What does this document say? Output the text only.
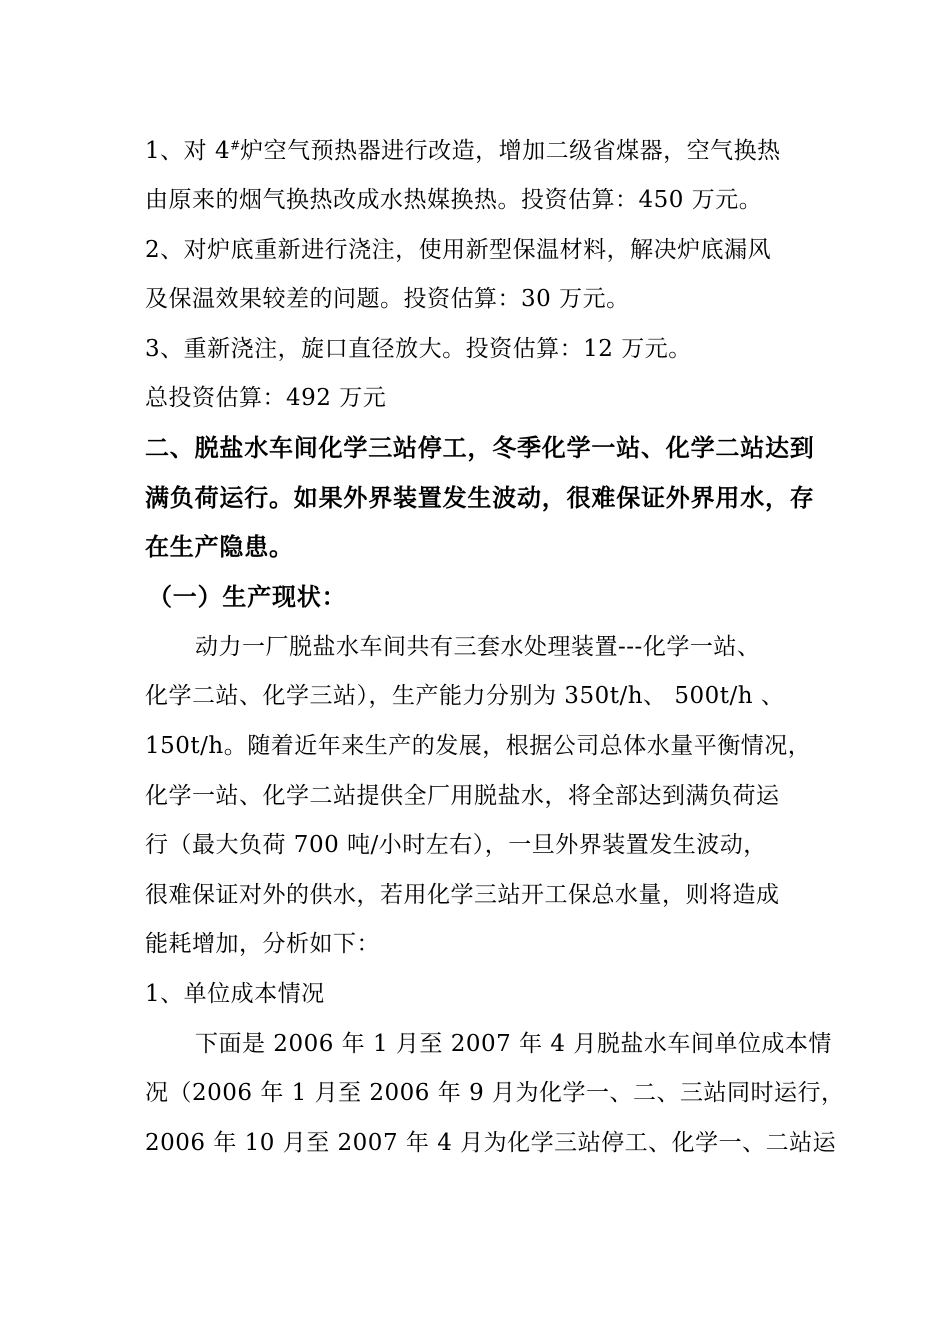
1、对 4#炉空气预热器进行改造，增加二级省煤器，空气换热
由原来的烟气换热改成水热媒换热。投资估算：450 万元。
2、对炉底重新进行浇注，使用新型保温材料，解决炉底漏风
及保温效果较差的问题。投资估算：30 万元。
3、重新浇注，旋口直径放大。投资估算：12 万元。
总投资估算：492 万元
二、脱盐水车间化学三站停工，冬季化学一站、化学二站达到
满负荷运行。如果外界装置发生波动，很难保证外界用水，存
在生产隐患。
（一）生产现状：
动力一厂脱盐水车间共有三套水处理装置---化学一站、
化学二站、化学三站），生产能力分别为 350t/h、 500t/h 、
150t/h。随着近年来生产的发展，根据公司总体水量平衡情况，
化学一站、化学二站提供全厂用脱盐水，将全部达到满负荷运
行（最大负荷 700 吨/小时左右），一旦外界装置发生波动，
很难保证对外的供水，若用化学三站开工保总水量，则将造成
能耗增加，分析如下：
1、单位成本情况
下面是 2006 年 1 月至 2007 年 4 月脱盐水车间单位成本情
况（2006 年 1 月至 2006 年 9 月为化学一、二、三站同时运行，
2006 年 10 月至 2007 年 4 月为化学三站停工、化学一、二站运
